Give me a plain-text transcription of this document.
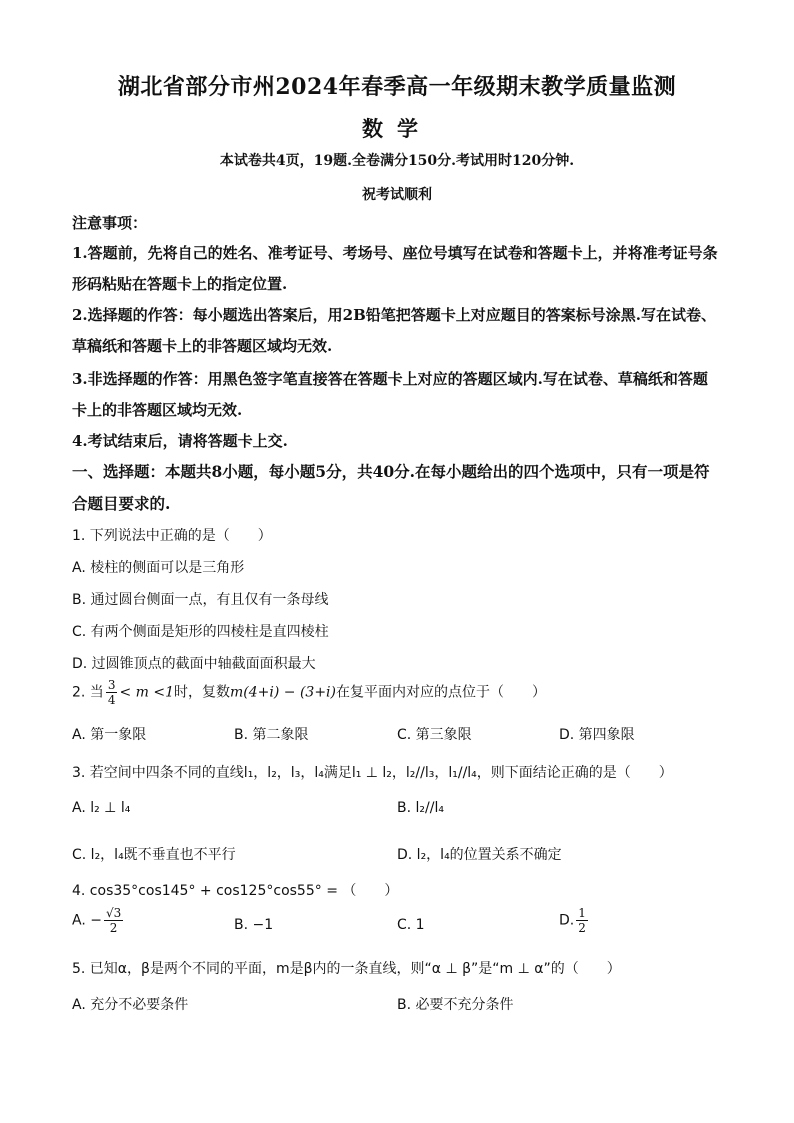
湖北省部分市州2024年春季高一年级期末教学质量监测
数学
本试卷共4页，19题.全卷满分150分.考试用时120分钟.
祝考试顺利
注意事项：
1.答题前，先将自己的姓名、准考证号、考场号、座位号填写在试卷和答题卡上，并将准考证号条形码粘贴在答题卡上的指定位置.
2.选择题的作答：每小题选出答案后，用2B铅笔把答题卡上对应题目的答案标号涂黑.写在试卷、草稿纸和答题卡上的非答题区域均无效.
3.非选择题的作答：用黑色签字笔直接答在答题卡上对应的答题区域内.写在试卷、草稿纸和答题卡上的非答题区域均无效.
4.考试结束后，请将答题卡上交.
一、选择题：本题共8小题，每小题5分，共40分.在每小题给出的四个选项中，只有一项是符合题目要求的.
1. 下列说法中正确的是（　　）
A. 棱柱的侧面可以是三角形
B. 通过圆台侧面一点，有且仅有一条母线
C. 有两个侧面是矩形的四棱柱是直四棱柱
D. 过圆锥顶点的截面中轴截面面积最大
2. 当 $\frac{3}{4} < m <1$时，复数m(4+i) − (3+i)在复平面内对应的点位于（　　）
A. 第一象限	B. 第二象限	C. 第三象限	D. 第四象限
3. 若空间中四条不同的直线l₁，l₂，l₃，l₄满足l₁ ⊥ l₂，l₂//l₃，l₁//l₄，则下面结论正确的是（　　）
A. l₂ ⊥ l₄	B. l₂//l₄
C. l₂，l₄既不垂直也不平行	D. l₂，l₄的位置关系不确定
4. cos35°cos145° + cos125°cos55° = （　　）
A. − $\frac{√3}{2}$	B. −1	C. 1	D. $\frac{1}{2}$
5. 已知α，β是两个不同的平面，m是β内的一条直线，则“α ⊥ β”是“m ⊥ α”的（　　）
A. 充分不必要条件	B. 必要不充分条件
